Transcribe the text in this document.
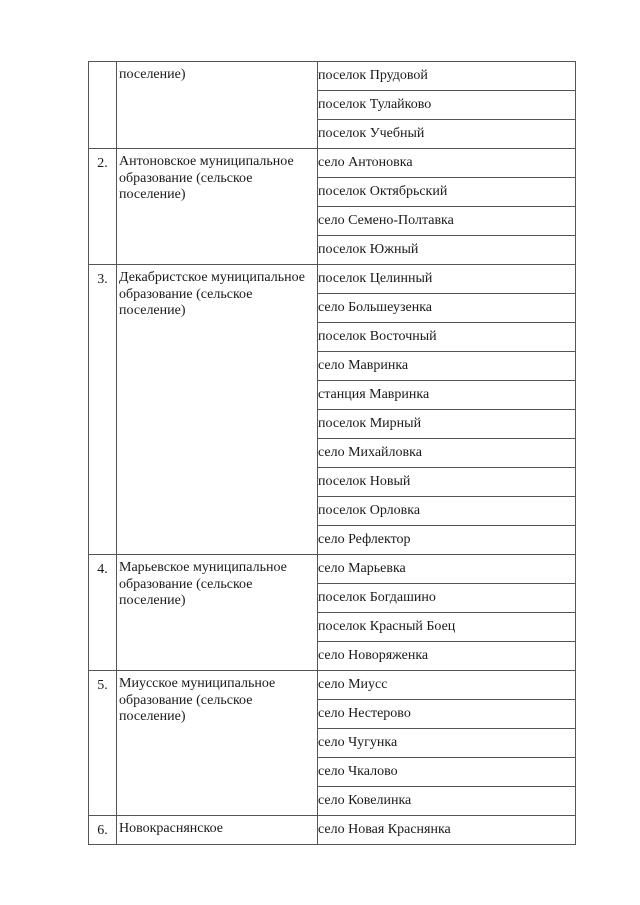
	поселение)	поселок Прудовой
		поселок Тулайково
		поселок Учебный

2.	Антоновское муниципальное образование (сельское поселение)	село Антоновка
		поселок Октябрьский
		село Семено-Полтавка
		поселок Южный

3.	Декабристское муниципальное образование (сельское поселение)	поселок Целинный
		село Большеузенка
		поселок Восточный
		село Мавринка
		станция Мавринка
		поселок Мирный
		село Михайловка
		поселок Новый
		поселок Орловка
		село Рефлектор

4.	Марьевское муниципальное образование (сельское поселение)	село Марьевка
		поселок Богдашино
		поселок Красный Боец
		село Новоряженка

5.	Миусское муниципальное образование (сельское поселение)	село Миусс
		село Нестерово
		село Чугунка
		село Чкалово
		село Ковелинка

6.	Новокраснянское	село Новая Краснянка
